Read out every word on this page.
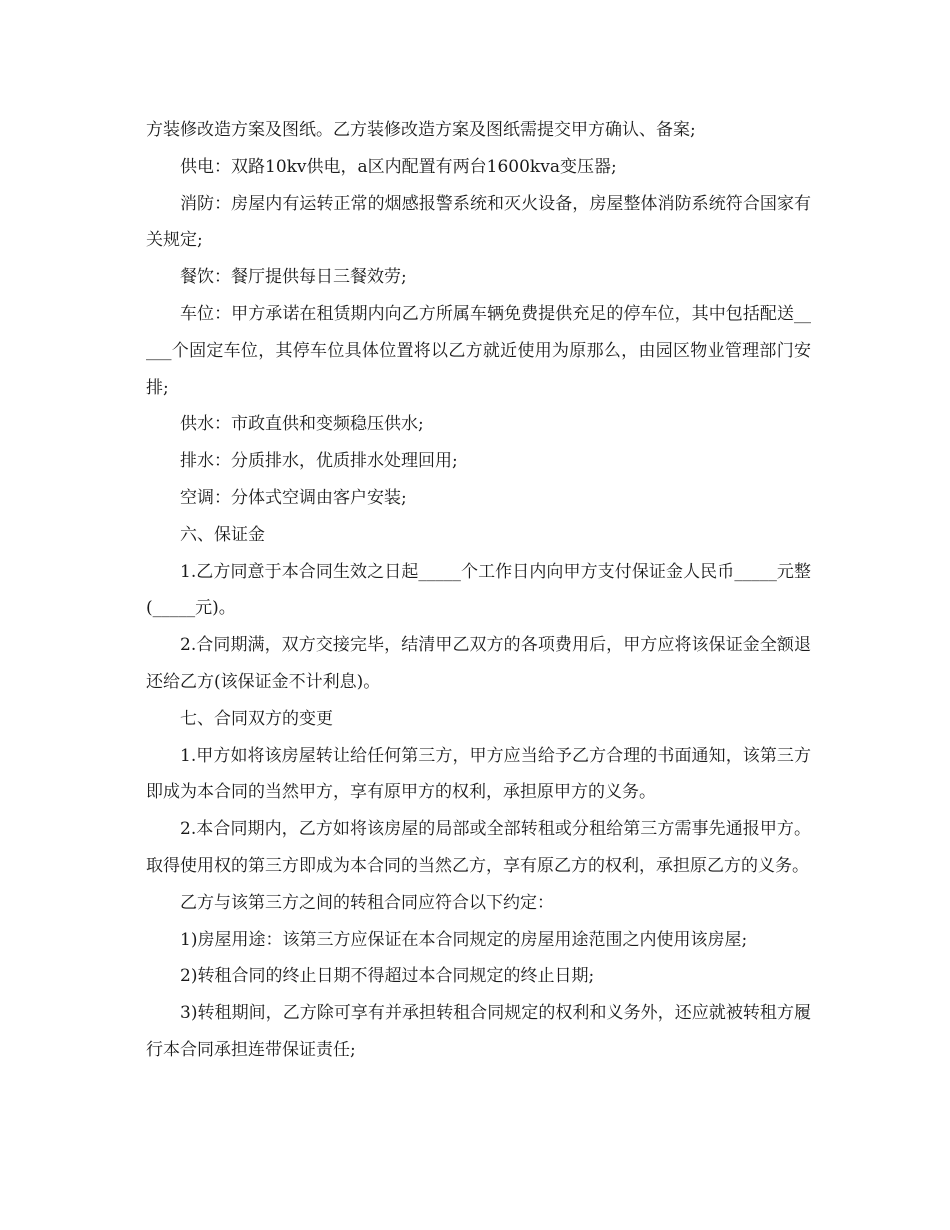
方装修改造方案及图纸。乙方装修改造方案及图纸需提交甲方确认、备案;

供电：双路10kv供电，a区内配置有两台1600kva变压器;

消防：房屋内有运转正常的烟感报警系统和灭火设备，房屋整体消防系统符合国家有关规定;

餐饮：餐厅提供每日三餐效劳;

车位：甲方承诺在租赁期内向乙方所属车辆免费提供充足的停车位，其中包括配送_____个固定车位，其停车位具体位置将以乙方就近使用为原那么，由园区物业管理部门安排;

供水：市政直供和变频稳压供水;

排水：分质排水，优质排水处理回用;

空调：分体式空调由客户安装;

六、保证金

1.乙方同意于本合同生效之日起_____个工作日内向甲方支付保证金人民币_____元整(_____元)。

2.合同期满，双方交接完毕，结清甲乙双方的各项费用后，甲方应将该保证金全额退还给乙方(该保证金不计利息)。

七、合同双方的变更

1.甲方如将该房屋转让给任何第三方，甲方应当给予乙方合理的书面通知，该第三方即成为本合同的当然甲方，享有原甲方的权利，承担原甲方的义务。

2.本合同期内，乙方如将该房屋的局部或全部转租或分租给第三方需事先通报甲方。取得使用权的第三方即成为本合同的当然乙方，享有原乙方的权利，承担原乙方的义务。

乙方与该第三方之间的转租合同应符合以下约定：

1)房屋用途：该第三方应保证在本合同规定的房屋用途范围之内使用该房屋;

2)转租合同的终止日期不得超过本合同规定的终止日期;

3)转租期间，乙方除可享有并承担转租合同规定的权利和义务外，还应就被转租方履行本合同承担连带保证责任;
